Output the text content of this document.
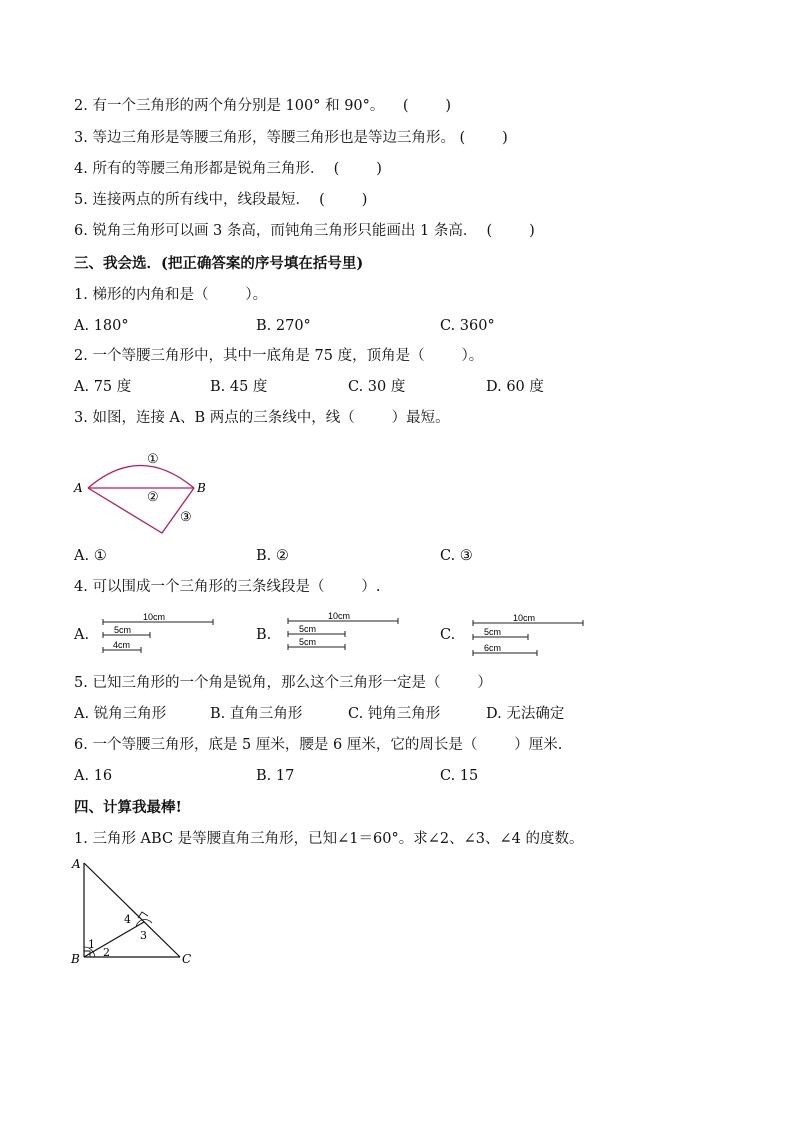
2. 有一个三角形的两个角分别是 100° 和 90°。    (        )
3. 等边三角形是等腰三角形，等腰三角形也是等边三角形。 (        )
4. 所有的等腰三角形都是锐角三角形．  (        )
5. 连接两点的所有线中，线段最短．  (        )
6. 锐角三角形可以画 3 条高，而钝角三角形只能画出 1 条高．  (        )
三、我会选．(把正确答案的序号填在括号里)
1. 梯形的内角和是（        ）。
A. 180°	B. 270°	C. 360°
2. 一个等腰三角形中，其中一底角是 75 度，顶角是（        ）。
A. 75 度	B. 45 度	C. 30 度	D. 60 度
3. 如图，连接 A、B 两点的三条线中，线（        ）最短。
A	B
①
②
③
A. ①	B. ②	C. ③
4. 可以围成一个三角形的三条线段是（        ）.
A.
10cm
5cm
4cm
B.
10cm
5cm
5cm	C.
10cm
5cm
6cm
5. 已知三角形的一个角是锐角，那么这个三角形一定是（        ）
A. 锐角三角形	B. 直角三角形	C. 钝角三角形	D. 无法确定
6. 一个等腰三角形，底是 5 厘米，腰是 6 厘米，它的周长是（        ）厘米.
A. 16	B. 17	C. 15
四、计算我最棒!
1. 三角形 ABC 是等腰直角三角形，已知∠1＝60°。求∠2、∠3、∠4 的度数。
A
B	C
1
2
3
4
